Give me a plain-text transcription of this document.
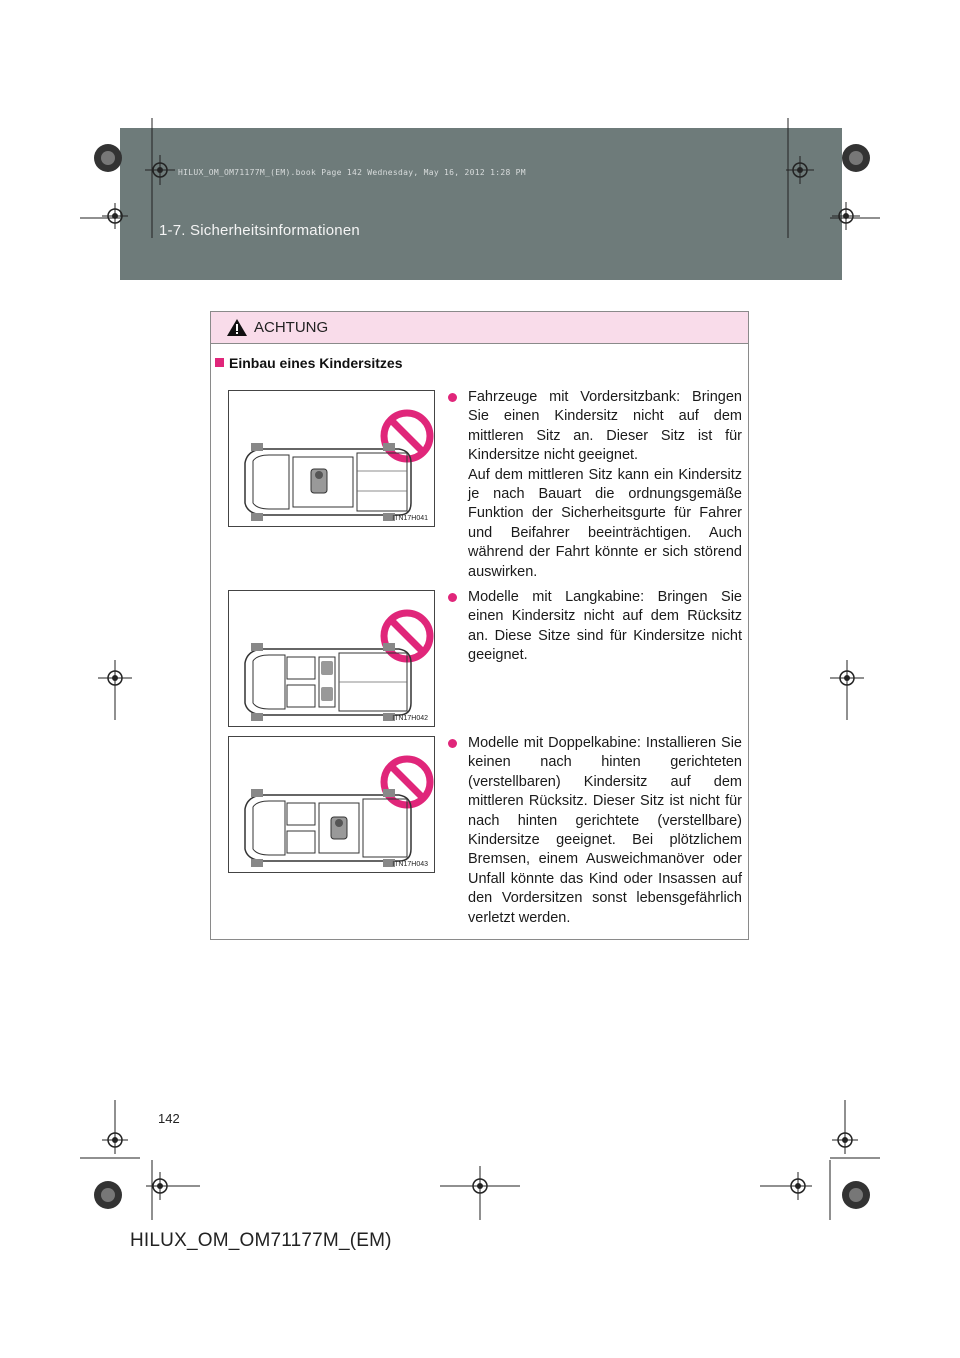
HILUX_OM_OM71177M_(EM).book Page 142 Wednesday, May 16, 2012 1:28 PM
1-7. Sicherheitsinformationen
ACHTUNG
Einbau eines Kindersitzes
ITN17H041
ITN17H042
ITN17H043

Fahrzeuge mit Vordersitzbank: Bringen Sie einen Kindersitz nicht auf dem mittleren Sitz an. Dieser Sitz ist für Kindersitze nicht geeignet.

Auf dem mittleren Sitz kann ein Kindersitz je nach Bauart die ordnungsgemäße Funktion der Sicherheitsgurte für Fahrer und Beifahrer beeinträchtigen. Auch während der Fahrt könnte er sich störend auswirken.

Modelle mit Langkabine: Bringen Sie einen Kindersitz nicht auf dem Rücksitz an. Diese Sitze sind für Kindersitze nicht geeignet.

Modelle mit Doppelkabine: Installieren Sie keinen nach hinten gerichteten (verstellbaren) Kindersitz auf dem mittleren Rücksitz. Dieser Sitz ist nicht für nach hinten gerichtete (verstellbare) Kindersitze geeignet. Bei plötzlichem Bremsen, einem Ausweichmanöver oder Unfall könnte das Kind oder Insassen auf den Vordersitzen sonst lebensgefährlich verletzt werden.

142
HILUX_OM_OM71177M_(EM)
